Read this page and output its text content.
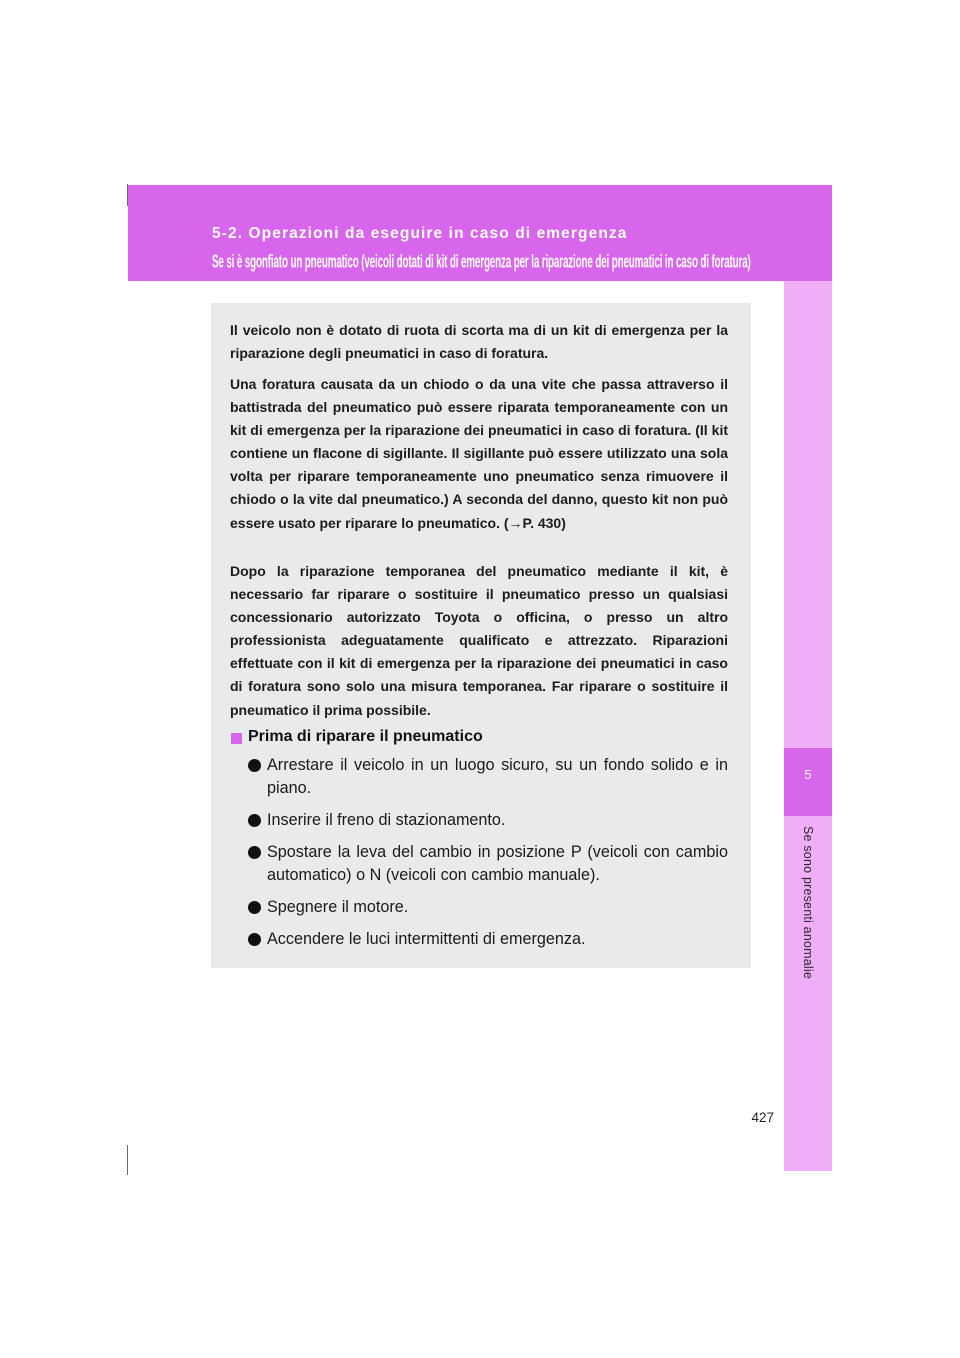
5-2. Operazioni da eseguire in caso di emergenza
Se si è sgonfiato un pneumatico (veicoli dotati di kit di emergenza per la riparazione dei pneumatici in caso di foratura)
5
Se sono presenti anomalie
427

Il veicolo non è dotato di ruota di scorta ma di un kit di emergenza per la riparazione degli pneumatici in caso di foratura.

Una foratura causata da un chiodo o da una vite che passa attraverso il battistrada del pneumatico può essere riparata temporaneamente con un kit di emergenza per la riparazione dei pneumatici in caso di foratura. (Il kit contiene un flacone di sigillante. Il sigillante può essere utilizzato una sola volta per riparare temporaneamente uno pneumatico senza rimuovere il chiodo o la vite dal pneumatico.) A seconda del danno, questo kit non può essere usato per riparare lo pneumatico. (→P. 430)

Dopo la riparazione temporanea del pneumatico mediante il kit, è necessario far riparare o sostituire il pneumatico presso un qualsiasi concessionario autorizzato Toyota o officina, o presso un altro professionista adeguatamente qualificato e attrezzato. Riparazioni effettuate con il kit di emergenza per la riparazione dei pneumatici in caso di foratura sono solo una misura temporanea. Far riparare o sostituire il pneumatico il prima possibile.

Prima di riparare il pneumatico

Arrestare il veicolo in un luogo sicuro, su un fondo solido e in piano.

Inserire il freno di stazionamento.

Spostare la leva del cambio in posizione P (veicoli con cambio automatico) o N (veicoli con cambio manuale).

Spegnere il motore.

Accendere le luci intermittenti di emergenza.
